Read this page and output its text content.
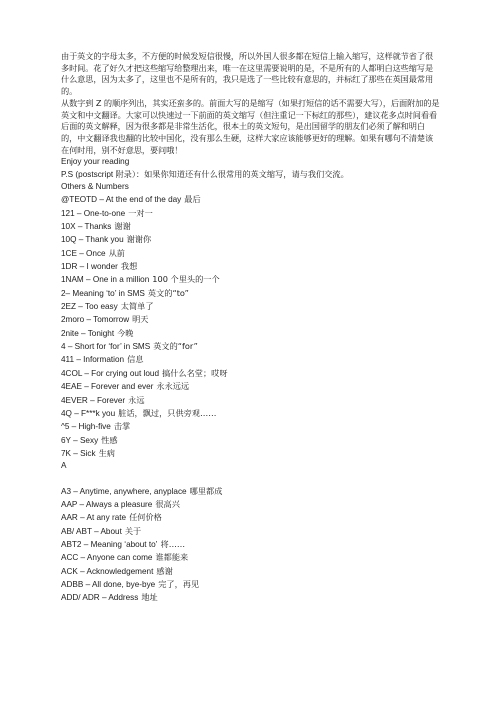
由于英文的字母太多，不方便的时候发短信很慢，所以外国人很多都在短信上输入缩写，这样就节省了很多时间。花了好久才把这些缩写给整理出来，唯一在这里需要说明的是，不是所有的人都明白这些缩写是什么意思，因为太多了，这里也不是所有的，我只是选了一些比较有意思的，并标红了那些在英国最常用的。

从数字到 Z 的顺序列出，其实还蛮多的。前面大写的是缩写（如果打短信的话不需要大写），后面附加的是英文和中文翻译。大家可以快速过一下前面的英文缩写（但注重记一下标红的那些），建议花多点时间看看后面的英文解释，因为很多都是非常生活化，很本土的英文短句，是出国留学的朋友们必须了解和明白的，中文翻译我也翻的比较中国化，没有那么生硬，这样大家应该能够更好的理解。如果有哪句不清楚该在何时用，别不好意思，要问哦！

Enjoy your reading
P.S (postscript 附录）：如果你知道还有什么很常用的英文缩写，请与我们交流。
Others & Numbers
@TEOTD – At the end of the day 最后
121 – One-to-one 一对一
10X – Thanks 谢谢
10Q – Thank you 谢谢你
1CE – Once 从前
1DR – I wonder 我想
1NAM – One in a million 100 个里头的一个
2– Meaning ‘to’ in SMS 英文的“to”
2EZ – Too easy 太简单了
2moro – Tomorrow 明天
2nite – Tonight 今晚
4 – Short for ‘for’ in SMS 英文的“for”
411 – Information 信息
4COL – For crying out loud 搞什么名堂；哎呀
4EAE – Forever and ever 永永远远
4EVER – Forever 永远
4Q – F***k you 脏话，飘过，只供旁观……
^5 – High-five 击掌
6Y – Sexy 性感
7K – Sick 生病
A
A3 – Anytime, anywhere, anyplace 哪里都成
AAP – Always a pleasure 很高兴
AAR – At any rate 任何价格
AB/ ABT – About 关于
ABT2 – Meaning ‘about to’ 将……
ACC – Anyone can come 谁都能来
ACK – Acknowledgement 感谢
ADBB – All done, bye-bye 完了，再见
ADD/ ADR – Address 地址
